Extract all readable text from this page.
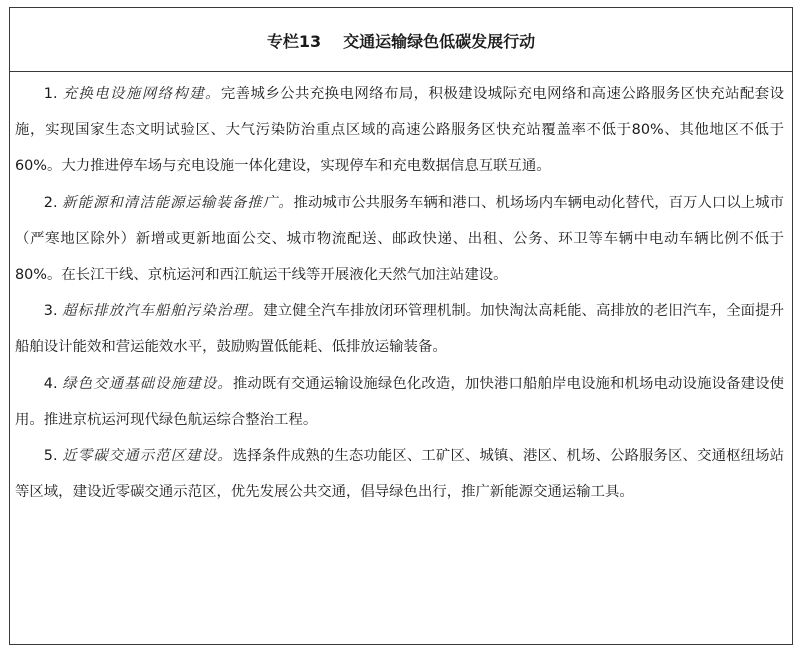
专栏13 交通运输绿色低碳发展行动

1. 充换电设施网络构建。完善城乡公共充换电网络布局，积极建设城际充电网络和高速公路服务区快充站配套设施，实现国家生态文明试验区、大气污染防治重点区域的高速公路服务区快充站覆盖率不低于80%、其他地区不低于60%。大力推进停车场与充电设施一体化建设，实现停车和充电数据信息互联互通。

2. 新能源和清洁能源运输装备推广。推动城市公共服务车辆和港口、机场场内车辆电动化替代，百万人口以上城市（严寒地区除外）新增或更新地面公交、城市物流配送、邮政快递、出租、公务、环卫等车辆中电动车辆比例不低于80%。在长江干线、京杭运河和西江航运干线等开展液化天然气加注站建设。

3. 超标排放汽车船舶污染治理。建立健全汽车排放闭环管理机制。加快淘汰高耗能、高排放的老旧汽车，全面提升船舶设计能效和营运能效水平，鼓励购置低能耗、低排放运输装备。

4. 绿色交通基础设施建设。推动既有交通运输设施绿色化改造，加快港口船舶岸电设施和机场电动设施设备建设使用。推进京杭运河现代绿色航运综合整治工程。

5. 近零碳交通示范区建设。选择条件成熟的生态功能区、工矿区、城镇、港区、机场、公路服务区、交通枢纽场站等区域，建设近零碳交通示范区，优先发展公共交通，倡导绿色出行，推广新能源交通运输工具。
